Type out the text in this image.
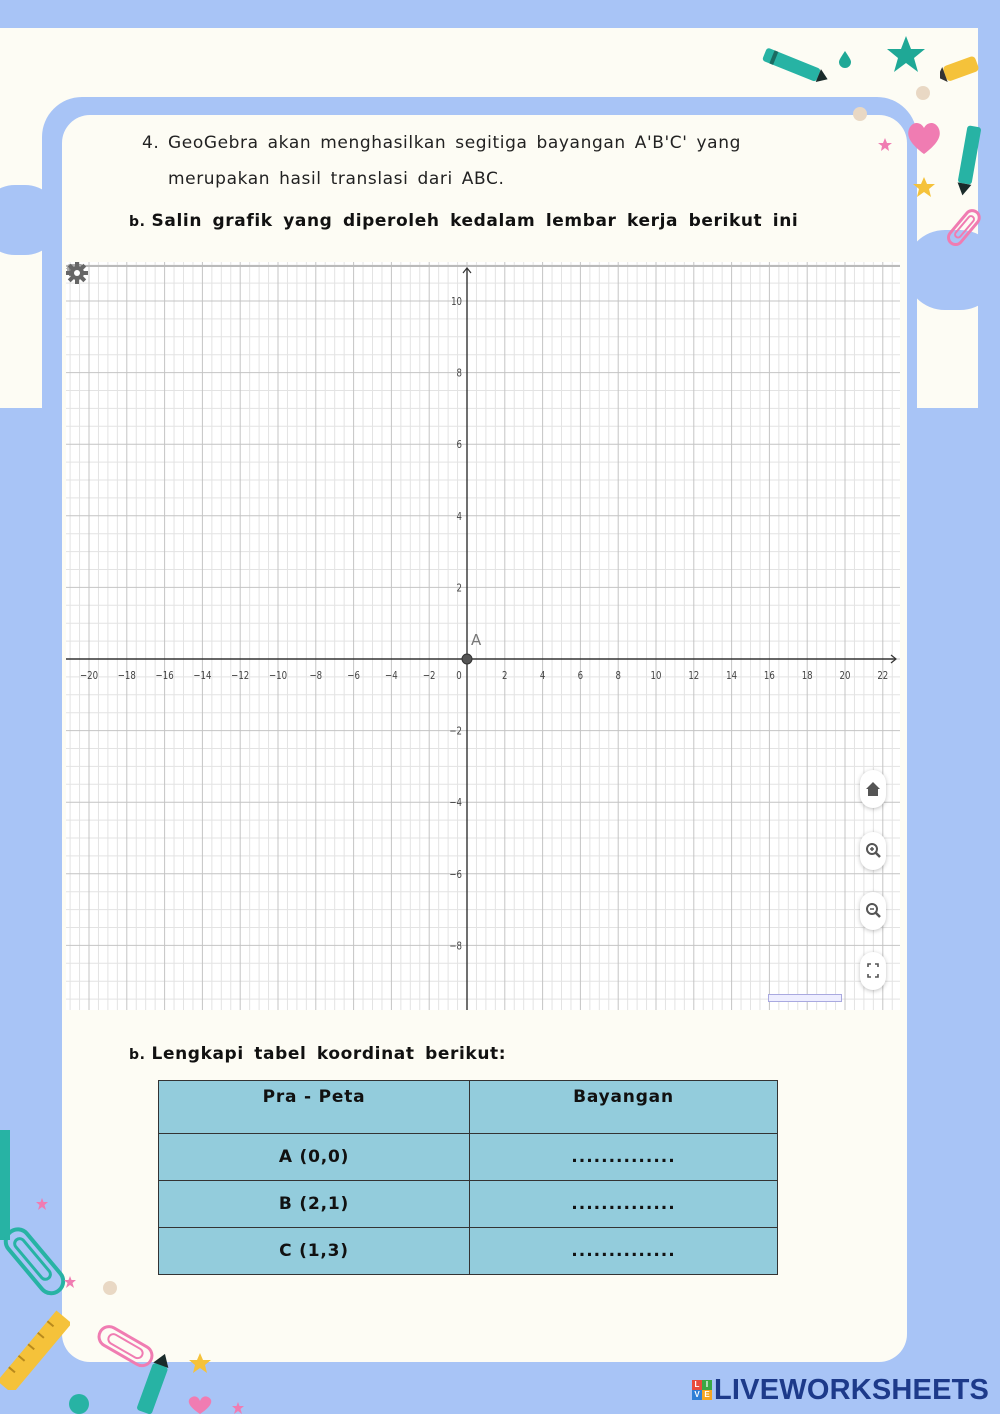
4. GeoGebra akan menghasilkan segitiga bayangan A'B'C' yang
merupakan hasil translasi dari ABC.
b. Salin grafik yang diperoleh kedalam lembar kerja berikut ini
−20 −18 −16 −14 −12 −10 −8 −6 −4 −2 0	2	4	6	8	10 12 14 16 18 20 22
10
8
6
4
2
−2
−4
−6
−8
A
b. Lengkapi tabel koordinat berikut:
Pra - Peta	Bayangan
A (0,0)	..............
B (2,1)	..............
C (1,3)	..............
L I
V E LIVEWORKSHEETS
